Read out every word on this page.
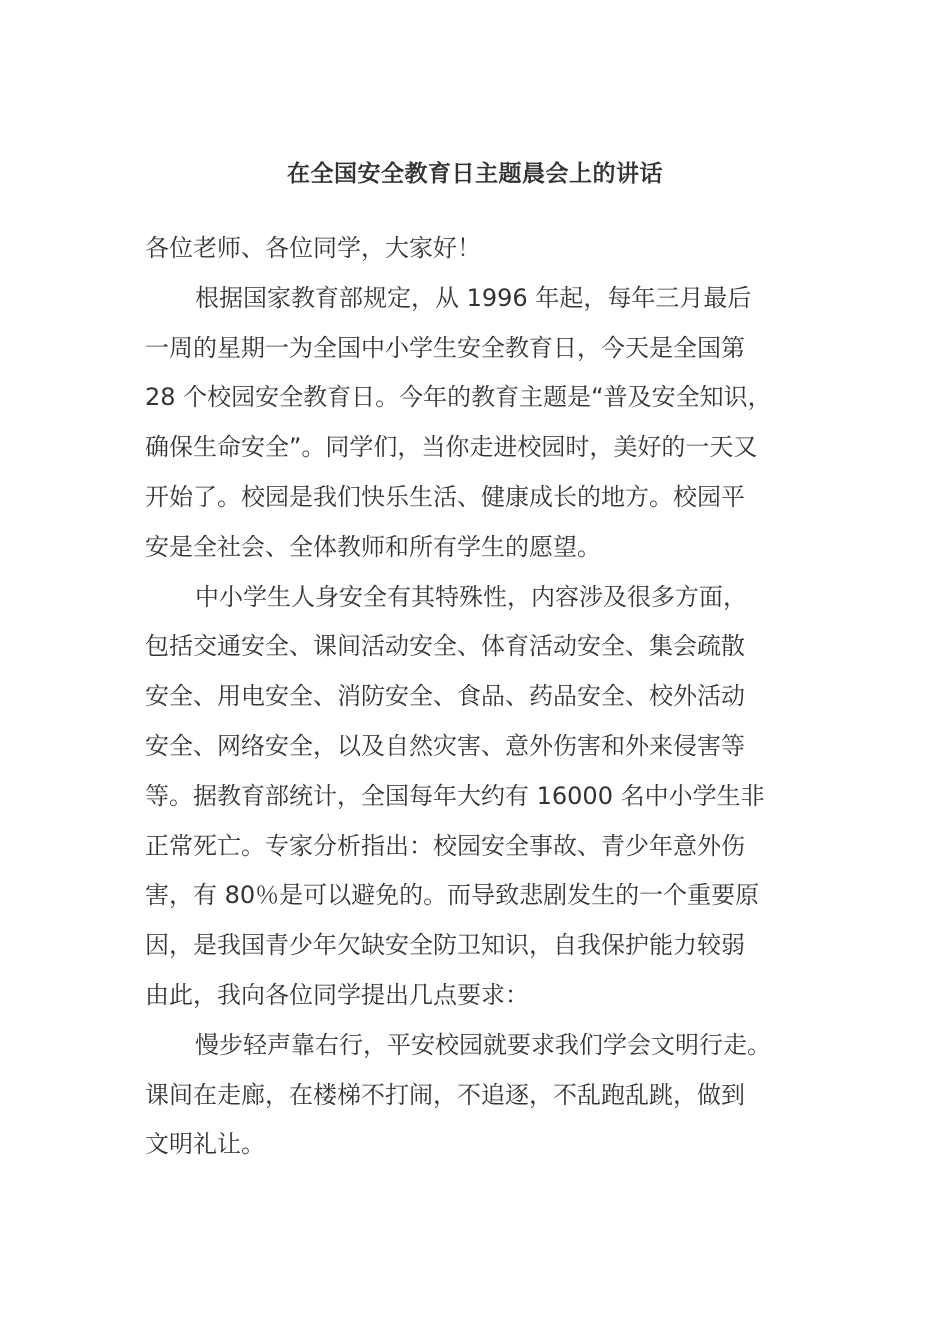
在全国安全教育日主题晨会上的讲话
各位老师、各位同学，大家好！
根据国家教育部规定，从 1996 年起，每年三月最后
一周的星期一为全国中小学生安全教育日，今天是全国第
28 个校园安全教育日。今年的教育主题是“普及安全知识，
确保生命安全”。同学们，当你走进校园时，美好的一天又
开始了。校园是我们快乐生活、健康成长的地方。校园平
安是全社会、全体教师和所有学生的愿望。
中小学生人身安全有其特殊性，内容涉及很多方面，
包括交通安全、课间活动安全、体育活动安全、集会疏散
安全、用电安全、消防安全、食品、药品安全、校外活动
安全、网络安全，以及自然灾害、意外伤害和外来侵害等
等。据教育部统计，全国每年大约有 16000 名中小学生非
正常死亡。专家分析指出：校园安全事故、青少年意外伤
害，有 80％是可以避免的。而导致悲剧发生的一个重要原
因，是我国青少年欠缺安全防卫知识，自我保护能力较弱
由此，我向各位同学提出几点要求：
慢步轻声靠右行，平安校园就要求我们学会文明行走。
课间在走廊，在楼梯不打闹，不追逐，不乱跑乱跳，做到
文明礼让。
